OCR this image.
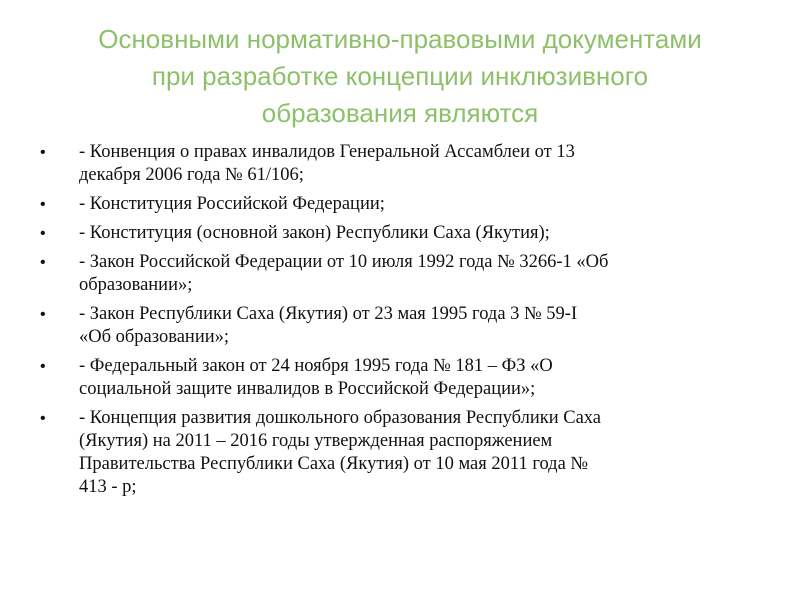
Основными нормативно-правовыми документами
при разработке концепции инклюзивного
образования являются
•	- Конвенция о правах инвалидов Генеральной Ассамблеи от 13
декабря 2006 года № 61/106;
•	- Конституция Российской Федерации;
•	- Конституция (основной закон) Республики Саха (Якутия);
•	- Закон Российской Федерации от 10 июля 1992 года № 3266-1 «Об
образовании»;
•	- Закон Республики Саха (Якутия) от 23 мая 1995 года 3 № 59-I
«Об образовании»;
•	- Федеральный закон от 24 ноября 1995 года № 181 – ФЗ «О
социальной защите инвалидов в Российской Федерации»;
•	- Концепция развития дошкольного образования Республики Саха
(Якутия) на 2011 – 2016 годы утвержденная распоряжением
Правительства Республики Саха (Якутия) от 10 мая 2011 года №
413 - р;
